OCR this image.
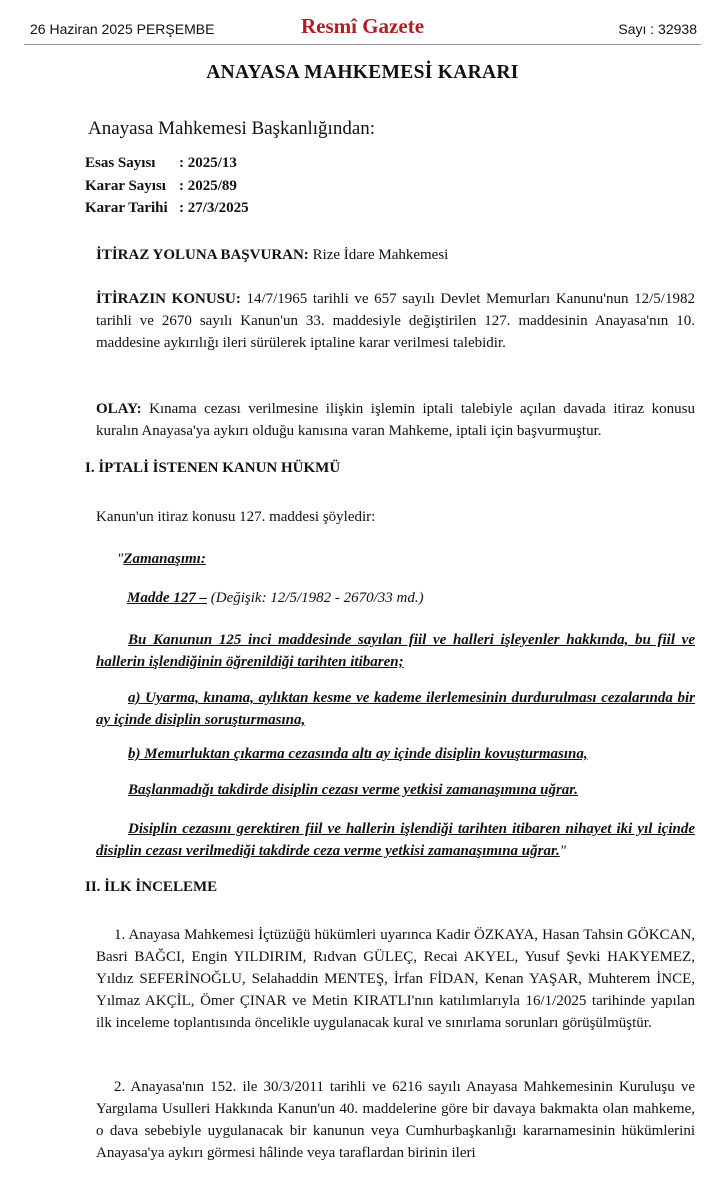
26 Haziran 2025 PERŞEMBE	Resmî Gazete	Sayı : 32938
ANAYASA MAHKEMESİ KARARI
Anayasa Mahkemesi Başkanlığından:
Esas Sayısı : 2025/13
Karar Sayısı : 2025/89
Karar Tarihi : 27/3/2025
İTİRAZ YOLUNA BAŞVURAN: Rize İdare Mahkemesi
İTİRAZIN KONUSU: 14/7/1965 tarihli ve 657 sayılı Devlet Memurları Kanunu'nun 12/5/1982 tarihli ve 2670 sayılı Kanun'un 33. maddesiyle değiştirilen 127. maddesinin Anayasa'nın 10. maddesine aykırılığı ileri sürülerek iptaline karar verilmesi talebidir.
OLAY: Kınama cezası verilmesine ilişkin işlemin iptali talebiyle açılan davada itiraz konusu kuralın Anayasa'ya aykırı olduğu kanısına varan Mahkeme, iptali için başvurmuştur.
I. İPTALİ İSTENEN KANUN HÜKMÜ
Kanun'un itiraz konusu 127. maddesi şöyledir:
"Zamanaşımı:
Madde 127 – (Değişik: 12/5/1982 - 2670/33 md.)
Bu Kanunun 125 inci maddesinde sayılan fiil ve halleri işleyenler hakkında, bu fiil ve hallerin işlendiğinin öğrenildiği tarihten itibaren;
a) Uyarma, kınama, aylıktan kesme ve kademe ilerlemesinin durdurulması cezalarında bir ay içinde disiplin soruşturmasına,
b) Memurluktan çıkarma cezasında altı ay içinde disiplin kovuşturmasına,
Başlanmadığı takdirde disiplin cezası verme yetkisi zamanaşımına uğrar.
Disiplin cezasını gerektiren fiil ve hallerin işlendiği tarihten itibaren nihayet iki yıl içinde disiplin cezası verilmediği takdirde ceza verme yetkisi zamanaşımına uğrar."
II. İLK İNCELEME
1. Anayasa Mahkemesi İçtüzüğü hükümleri uyarınca Kadir ÖZKAYA, Hasan Tahsin GÖKCAN, Basri BAĞCI, Engin YILDIRIM, Rıdvan GÜLEÇ, Recai AKYEL, Yusuf Şevki HAKYEMEZ, Yıldız SEFERİNOĞLU, Selahaddin MENTEŞ, İrfan FİDAN, Kenan YAŞAR, Muhterem İNCE, Yılmaz AKÇİL, Ömer ÇINAR ve Metin KIRATLI'nın katılımlarıyla 16/1/2025 tarihinde yapılan ilk inceleme toplantısında öncelikle uygulanacak kural ve sınırlama sorunları görüşülmüştür.
2. Anayasa'nın 152. ile 30/3/2011 tarihli ve 6216 sayılı Anayasa Mahkemesinin Kuruluşu ve Yargılama Usulleri Hakkında Kanun'un 40. maddelerine göre bir davaya bakmakta olan mahkeme, o dava sebebiyle uygulanacak bir kanunun veya Cumhurbaşkanlığı kararnamesinin hükümlerini Anayasa'ya aykırı görmesi hâlinde veya taraflardan birinin ileri
